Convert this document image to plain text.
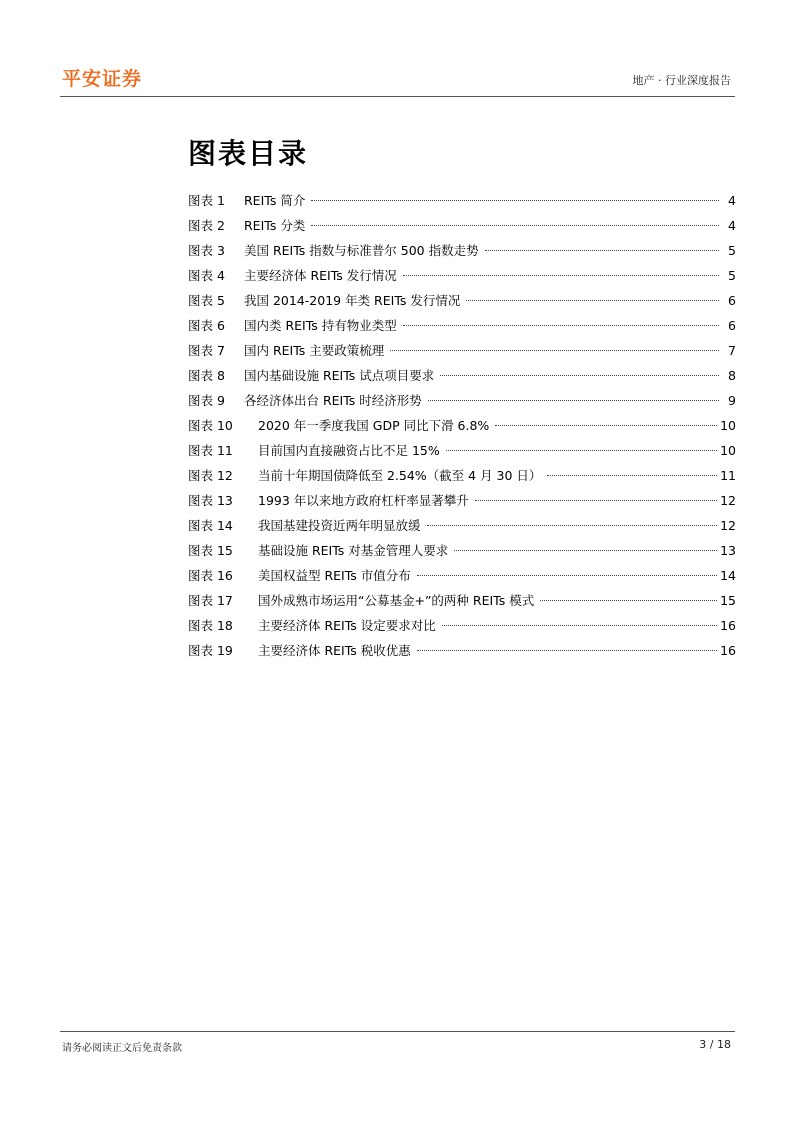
平安证券	地产 · 行业深度报告
图表目录
图表 1	REITs 简介	4
图表 2	REITs 分类	4
图表 3	美国 REITs 指数与标准普尔 500 指数走势	5
图表 4	主要经济体 REITs 发行情况	5
图表 5	我国 2014-2019 年类 REITs 发行情况	6
图表 6	国内类 REITs 持有物业类型	6
图表 7	国内 REITs 主要政策梳理	7
图表 8	国内基础设施 REITs 试点项目要求	8
图表 9	各经济体出台 REITs 时经济形势	9
图表 10	2020 年一季度我国 GDP 同比下滑 6.8%	10
图表 11	目前国内直接融资占比不足 15%	10
图表 12	当前十年期国债降低至 2.54%（截至 4 月 30 日）	11
图表 13	1993 年以来地方政府杠杆率显著攀升	12
图表 14	我国基建投资近两年明显放缓	12
图表 15	基础设施 REITs 对基金管理人要求	13
图表 16	美国权益型 REITs 市值分布	14
图表 17	国外成熟市场运用“公募基金+”的两种 REITs 模式	15
图表 18	主要经济体 REITs 设定要求对比	16
图表 19	主要经济体 REITs 税收优惠	16
请务必阅读正文后免责条款	3 / 18
